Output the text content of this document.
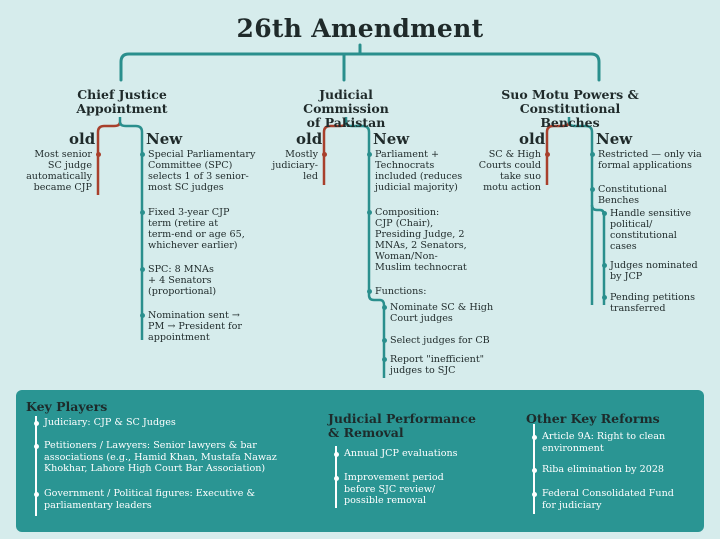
26th Amendment
Chief Justice
Appointment
Judicial Commission
of Pakistan
Suo Motu Powers &
Constitutional Benches
old	New
Most senior
SC judge
automatically
became CJP
Special Parliamentary
Committee (SPC)
selects 1 of 3 senior-
most SC judges
Fixed 3-year CJP
term (retire at
term-end or age 65,
whichever earlier)
SPC: 8 MNAs
+ 4 Senators
(proportional)
Nomination sent →
PM → President for
appointment
old	New
Mostly
judiciary-
led
Parliament +
Technocrats
included (reduces
judicial majority)
Composition:
CJP (Chair),
Presiding Judge, 2
MNAs, 2 Senators,
Woman/Non-
Muslim technocrat
Functions:
Nominate SC & High
Court judges
Select judges for CB
Report "inefficient"
judges to SJC
old	New
SC & High
Courts could
take suo
motu action
Restricted — only via
formal applications
Constitutional
Benches
Handle sensitive
political/
constitutional
cases
Judges nominated
by JCP
Pending petitions
transferred
Key Players
Judiciary: CJP & SC Judges
Petitioners / Lawyers: Senior lawyers & bar
associations (e.g., Hamid Khan, Mustafa Nawaz
Khokhar, Lahore High Court Bar Association)
Government / Political figures: Executive &
parliamentary leaders
Judicial Performance
& Removal
Annual JCP evaluations
Improvement period
before SJC review/
possible removal
Other Key Reforms
Article 9A: Right to clean
environment
Riba elimination by 2028
Federal Consolidated Fund
for judiciary
